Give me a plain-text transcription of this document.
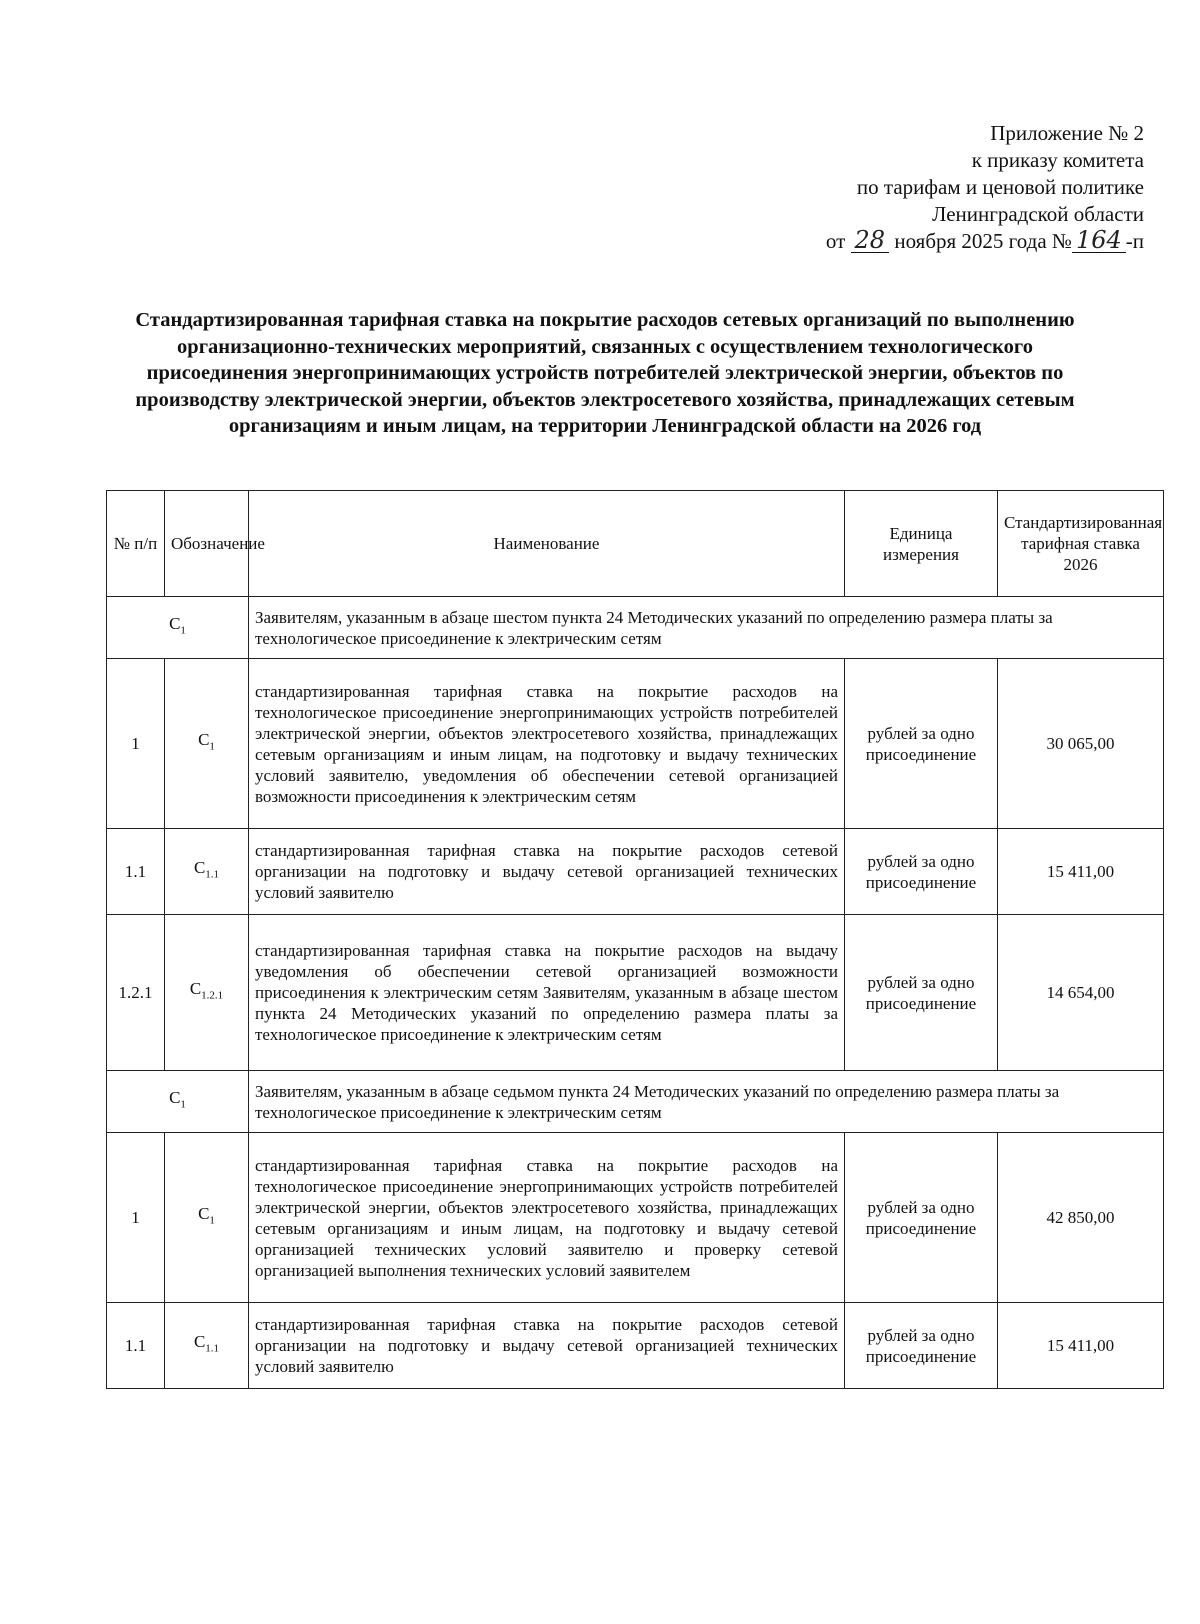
Приложение № 2
к приказу комитета
по тарифам и ценовой политике
Ленинградской области
от 28 ноября 2025 года № 164 -п
Стандартизированная тарифная ставка на покрытие расходов сетевых организаций по выполнению организационно-технических мероприятий, связанных с осуществлением технологического присоединения энергопринимающих устройств потребителей электрической энергии, объектов по производству электрической энергии, объектов электросетевого хозяйства, принадлежащих сетевым организациям и иным лицам, на территории Ленинградской области на 2026 год
№ п/п	Обозначение	Наименование	Единица измерения	Стандартизированная тарифная ставка 2026
$C_1$		Заявителям, указанным в абзаце шестом пункта 24 Методических указаний по определению размера платы за технологическое присоединение к электрическим сетям		
1	$C_1$	стандартизированная тарифная ставка на покрытие расходов на технологическое присоединение энергопринимающих устройств потребителей электрической энергии, объектов электросетевого хозяйства, принадлежащих сетевым организациям и иным лицам, на подготовку и выдачу технических условий заявителю, уведомления об обеспечении сетевой организацией возможности присоединения к электрическим сетям	рублей за одно присоединение	30 065,00
1.1	$C_{1.1}$	стандартизированная тарифная ставка на покрытие расходов сетевой организации на подготовку и выдачу сетевой организацией технических условий заявителю	рублей за одно присоединение	15 411,00
1.2.1	$C_{1.2.1}$	стандартизированная тарифная ставка на покрытие расходов на выдачу уведомления об обеспечении сетевой организацией возможности присоединения к электрическим сетям Заявителям, указанным в абзаце шестом пункта 24 Методических указаний по определению размера платы за технологическое присоединение к электрическим сетям	рублей за одно присоединение	14 654,00
$C_1$		Заявителям, указанным в абзаце седьмом пункта 24 Методических указаний по определению размера платы за технологическое присоединение к электрическим сетям		
1	$C_1$	стандартизированная тарифная ставка на покрытие расходов на технологическое присоединение энергопринимающих устройств потребителей электрической энергии, объектов электросетевого хозяйства, принадлежащих сетевым организациям и иным лицам, на подготовку и выдачу сетевой организацией технических условий заявителю и проверку сетевой организацией выполнения технических условий заявителем	рублей за одно присоединение	42 850,00
1.1	$C_{1.1}$	стандартизированная тарифная ставка на покрытие расходов сетевой организации на подготовку и выдачу сетевой организацией технических условий заявителю	рублей за одно присоединение	15 411,00
